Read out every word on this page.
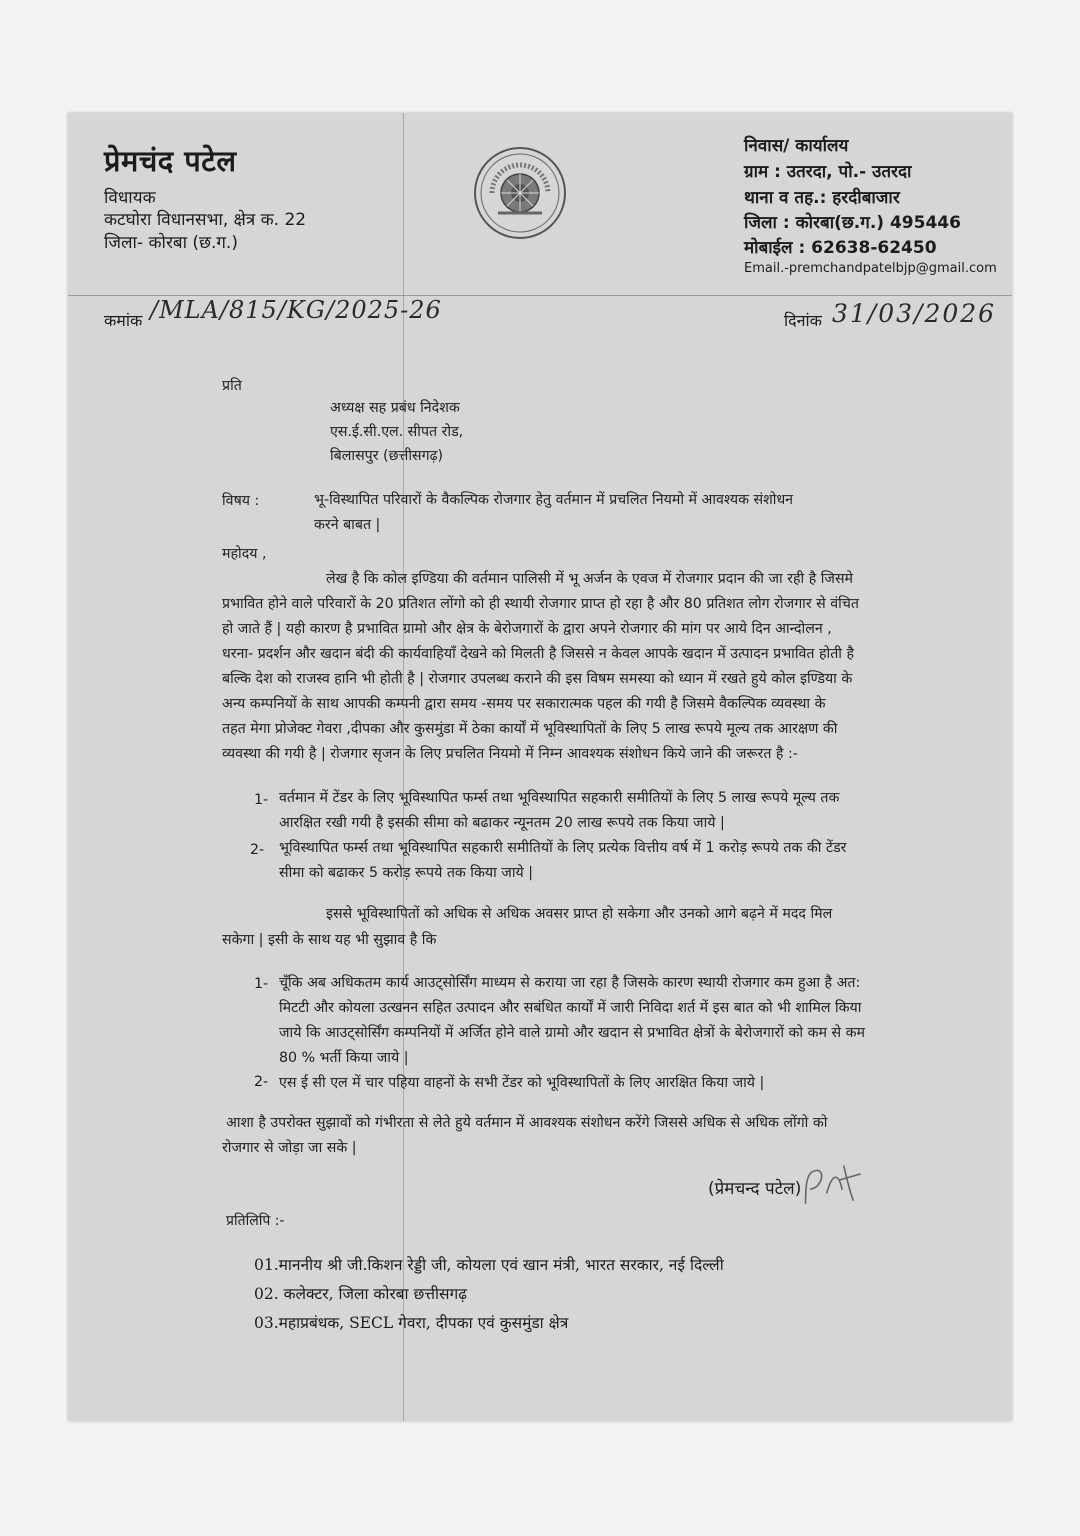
प्रेमचंद पटेल
विधायक
कटघोरा विधानसभा, क्षेत्र क. 22
जिला- कोरबा (छ.ग.)
निवास/ कार्यालय
ग्राम : उतरदा, पो.- उतरदा
थाना व तह.: हरदीबाजार
जिला : कोरबा(छ.ग.) 495446
मोबाईल : 62638-62450
Email.-premchandpatelbjp@gmail.com
कमांक /MLA/815/KG/2025-26	दिनांक 31/03/2026
प्रति
अध्यक्ष सह प्रबंध निदेशक
एस.ई.सी.एल. सीपत रोड,
बिलासपुर (छत्तीसगढ़)
विषय :	भू-विस्थापित परिवारों के वैकल्पिक रोजगार हेतु वर्तमान में प्रचलित नियमो में आवश्यक संशोधन
करने बाबत |
महोदय ,
लेख है कि कोल इण्डिया की वर्तमान पालिसी में भू अर्जन के एवज में रोजगार प्रदान की जा रही है जिसमे
प्रभावित होने वाले परिवारों के 20 प्रतिशत लोंगो को ही स्थायी रोजगार प्राप्त हो रहा है और 80 प्रतिशत लोग रोजगार से वंचित
हो जाते हैं | यही कारण है प्रभावित ग्रामो और क्षेत्र के बेरोजगारों के द्वारा अपने रोजगार की मांग पर आये दिन आन्दोलन ,
धरना- प्रदर्शन और खदान बंदी की कार्यवाहियाँ देखने को मिलती है जिससे न केवल आपके खदान में उत्पादन प्रभावित होती है
बल्कि देश को राजस्व हानि भी होती है | रोजगार उपलब्ध कराने की इस विषम समस्या को ध्यान में रखते हुये कोल इण्डिया के
अन्य कम्पनियों के साथ आपकी कम्पनी द्वारा समय -समय पर सकारात्मक पहल की गयी है जिसमे वैकल्पिक व्यवस्था के
तहत मेगा प्रोजेक्ट गेवरा ,दीपका और कुसमुंडा में ठेका कार्यों में भूविस्थापितों के लिए 5 लाख रूपये मूल्य तक आरक्षण की
व्यवस्था की गयी है | रोजगार सृजन के लिए प्रचलित नियमो में निम्न आवश्यक संशोधन किये जाने की जरूरत है :-
1- वर्तमान में टेंडर के लिए भूविस्थापित फर्म्स तथा भूविस्थापित सहकारी समीतियों के लिए 5 लाख रूपये मूल्य तक
आरक्षित रखी गयी है इसकी सीमा को बढाकर न्यूनतम 20 लाख रूपये तक किया जाये |
2- भूविस्थापित फर्म्स तथा भूविस्थापित सहकारी समीतियों के लिए प्रत्येक वित्तीय वर्ष में 1 करोड़ रूपये तक की टेंडर
सीमा को बढाकर 5 करोड़ रूपये तक किया जाये |
इससे भूविस्थापितों को अधिक से अधिक अवसर प्राप्त हो सकेगा और उनको आगे बढ़ने में मदद मिल
सकेगा | इसी के साथ यह भी सुझाव है कि
1- चूँकि अब अधिकतम कार्य आउट्सोर्सिंग माध्यम से कराया जा रहा है जिसके कारण स्थायी रोजगार कम हुआ है अत:
मिटटी और कोयला उत्खनन सहित उत्पादन और सबंधित कार्यों में जारी निविदा शर्त में इस बात को भी शामिल किया
जाये कि आउट्सोर्सिंग कम्पनियों में अर्जित होने वाले ग्रामो और खदान से प्रभावित क्षेत्रों के बेरोजगारों को कम से कम
80 % भर्ती किया जाये |
2- एस ई सी एल में चार पहिया वाहनों के सभी टेंडर को भूविस्थापितों के लिए आरक्षित किया जाये |
आशा है उपरोक्त सुझावों को गंभीरता से लेते हुये वर्तमान में आवश्यक संशोधन करेंगे जिससे अधिक से अधिक लोंगो को
रोजगार से जोड़ा जा सके |
(प्रेमचन्द पटेल)
प्रतिलिपि :-
01.माननीय श्री जी.किशन रेड्डी जी, कोयला एवं खान मंत्री, भारत सरकार, नई दिल्ली
02. कलेक्टर, जिला कोरबा छत्तीसगढ़
03.महाप्रबंधक, SECL गेवरा, दीपका एवं कुसमुंडा क्षेत्र
